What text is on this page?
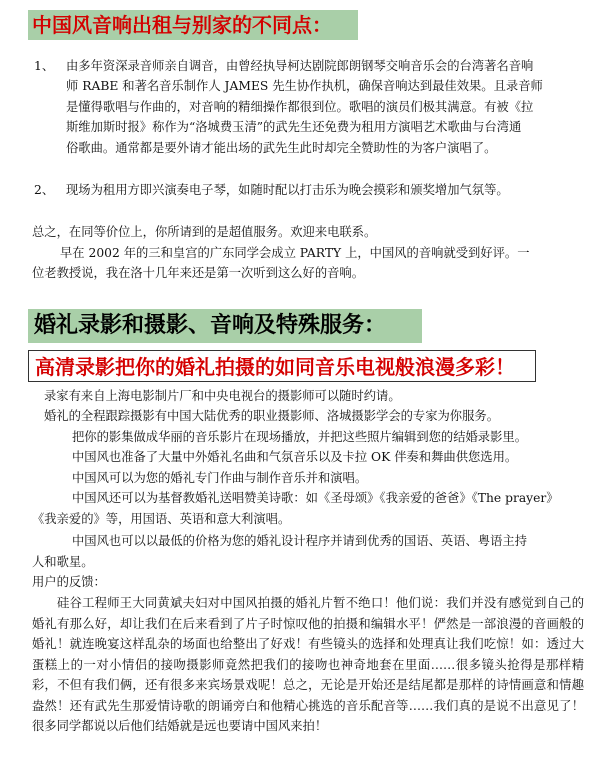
中国风音响出租与别家的不同点：
1、 由多年资深录音师亲自调音，由曾经执导柯达剧院郎朗钢琴交响音乐会的台湾著名音响
师 RABE 和著名音乐制作人 JAMES 先生协作执机，确保音响达到最佳效果。且录音师
是懂得歌唱与作曲的，对音响的精细操作都很到位。歌唱的演员们极其满意。有被《拉
斯维加斯时报》称作为“洛城费玉清”的武先生还免费为租用方演唱艺术歌曲与台湾通
俗歌曲。通常都是要外请才能出场的武先生此时却完全赞助性的为客户演唱了。
2、 现场为租用方即兴演奏电子琴，如随时配以打击乐为晚会摸彩和颁奖增加气氛等。
总之，在同等价位上，你所请到的是超值服务。欢迎来电联系。
早在 2002 年的三和皇宫的广东同学会成立 PARTY 上，中国风的音响就受到好评。一
位老教授说，我在洛十几年来还是第一次听到这么好的音响。
婚礼录影和摄影、音响及特殊服务：
高清录影把你的婚礼拍摄的如同音乐电视般浪漫多彩！
录家有来自上海电影制片厂和中央电视台的摄影师可以随时约请。
婚礼的全程跟踪摄影有中国大陆优秀的职业摄影师、洛城摄影学会的专家为你服务。
把你的影集做成华丽的音乐影片在现场播放，并把这些照片编辑到您的结婚录影里。
中国风也准备了大量中外婚礼名曲和气氛音乐以及卡拉 OK 伴奏和舞曲供您选用。
中国风可以为您的婚礼专门作曲与制作音乐并和演唱。
中国风还可以为基督教婚礼送唱赞美诗歌：如《圣母颂》《我亲爱的爸爸》《The prayer》
《我亲爱的》等，用国语、英语和意大利演唱。
中国风也可以以最低的价格为您的婚礼设计程序并请到优秀的国语、英语、粤语主持
人和歌星。
用户的反馈：
硅谷工程师王大同黄斌夫妇对中国风拍摄的婚礼片暂不绝口！他们说：我们并没有感觉到自己的婚礼有那么好，却让我们在后来看到了片子时惊叹他的拍摄和编辑水平！俨然是一部浪漫的音画般的婚礼！就连晚宴这样乱杂的场面也给整出了好戏！有些镜头的选择和处理真让我们吃惊！如：透过大蛋糕上的一对小情侣的接吻摄影师竟然把我们的接吻也神奇地套在里面……很多镜头抢得是那样精彩，不但有我们俩，还有很多来宾场景戏呢！总之，无论是开始还是结尾都是那样的诗情画意和情趣盎然！还有武先生那爱情诗歌的朗诵旁白和他精心挑选的音乐配音等……我们真的是说不出意见了！很多同学都说以后他们结婚就是远也要请中国风来拍！
